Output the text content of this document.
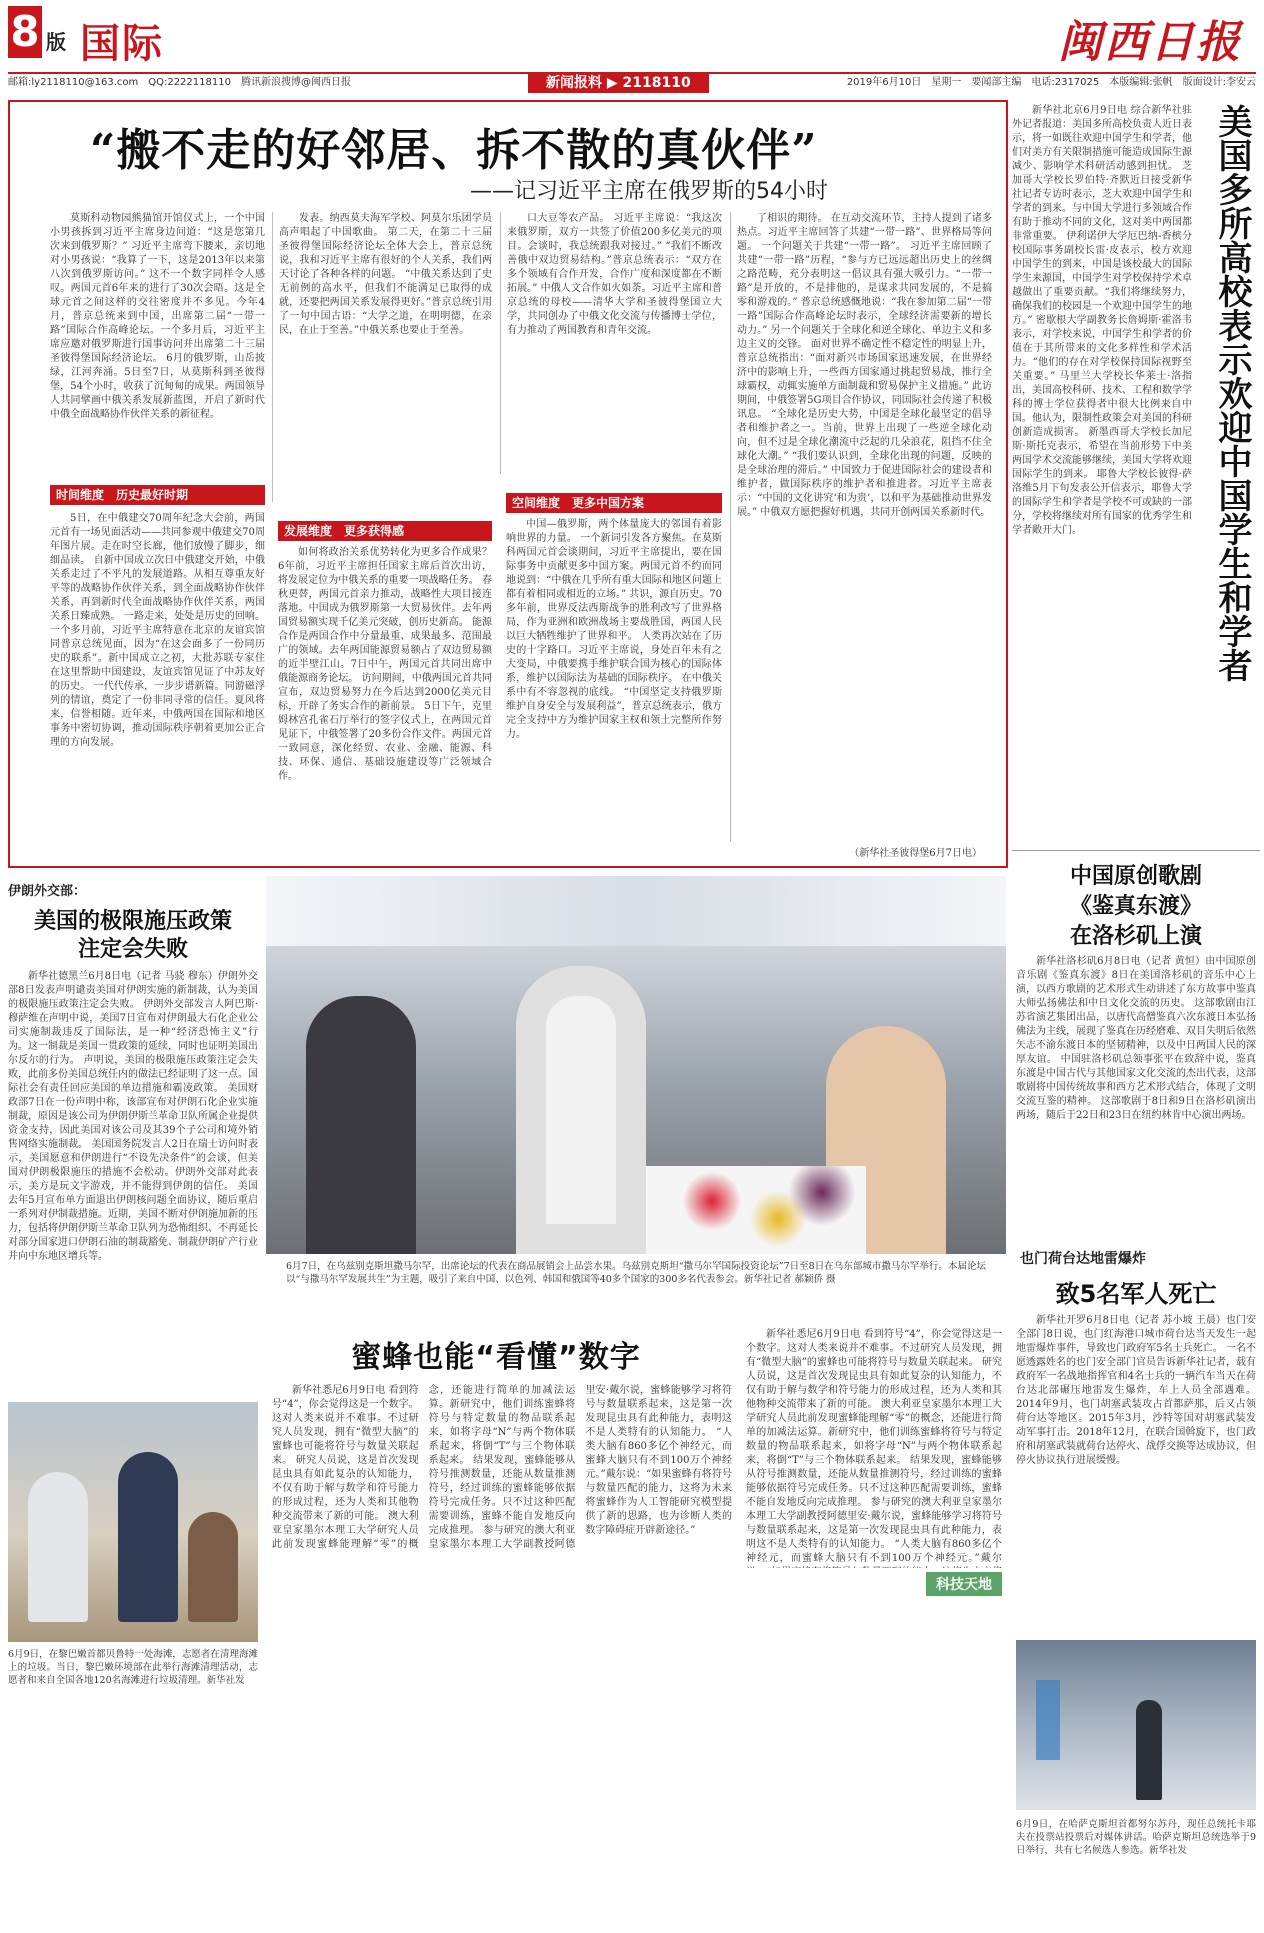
8 版 国际	闽西日报
邮箱:ly2118110@163.com　QQ:2222118110　腾讯新浪搜博@闽西日报	新闻报料 ▶ 2118110	2019年6月10日　星期一　要闻部主编　电话:2317025　本版编辑:张帆　版面设计:李安云
“搬不走的好邻居、拆不散的真伙伴”
——记习近平主席在俄罗斯的54小时

莫斯科动物园熊猫馆开馆仪式上，一个中国小男孩拆到习近平主席身边问道：“这是您第几次来到俄罗斯？” 习近平主席弯下腰来，亲切地对小男孩说：“我算了一下，这是2013年以来第八次到俄罗斯访问。” 这不一个数字同样令人感叹。两国元首6年来的进行了30次会晤。这是全球元首之间这样的交往密度并不多见。今年4月，普京总统来到中国，出席第二届“一带一路”国际合作高峰论坛。一个多月后，习近平主席应邀对俄罗斯进行国事访问并出席第二十三届圣彼得堡国际经济论坛。 6月的俄罗斯，山岳披绿，江河奔涌。5日至7日，从莫斯科到圣彼得堡，54个小时，收获了沉甸甸的成果。两国领导人共同擘画中俄关系发展新蓝图，开启了新时代中俄全面战略协作伙伴关系的新征程。

时间维度　历史最好时期

5日，在中俄建交70周年纪念大会前，两国元首有一场见面活动——共同参观中俄建交70周年图片展。走在时空长廊，他们放慢了脚步，细细品读。 自新中国成立次日中俄建交开始，中俄关系走过了不平凡的发展道路。从相互尊重友好平等的战略协作伙伴关系，到全面战略协作伙伴关系，再到新时代全面战略协作伙伴关系，两国关系日臻成熟。 一路走来，处处是历史的回响。 一个多月前，习近平主席特意在北京的友谊宾馆同普京总统见面，因为“在这会面多了一份同历史的联系”。新中国成立之初，大批苏联专家住在这里帮助中国建设，友谊宾馆见证了中苏友好的历史。 一代代传承，一步步谱新篇。同游磁浮列的情谊，奠定了一份非同寻常的信任。夏风将来，信誉相随。近年来，中俄两国在国际和地区事务中密切协调，推动国际秩序朝着更加公正合理的方向发展。

发表。纳西莫夫海军学校、阿莫尔乐团学员高声唱起了中国歌曲。 第二天，在第二十三届圣彼得堡国际经济论坛全体大会上，普京总统说，我和习近平主席有很好的个人关系，我们两天讨论了各种各样的问题。 “中俄关系达到了史无前例的高水平，但我们不能满足已取得的成就，还要把两国关系发展得更好。”普京总统引用了一句中国古语：“大学之道，在明明德，在亲民，在止于至善。”中俄关系也要止于至善。

发展维度　更多获得感

如何将政治关系优势转化为更多合作成果？6年前，习近平主席担任国家主席后首次出访，将发展定位为中俄关系的重要一项战略任务。 春秋更替，两国元首亲力推动，战略性大项目接连落地。中国成为俄罗斯第一大贸易伙伴。去年两国贸易额实现千亿美元突破，创历史新高。 能源合作是两国合作中分量最重、成果最多、范围最广的领域。去年两国能源贸易额占了双边贸易额的近半壁江山。7日中午，两国元首共同出席中俄能源商务论坛。 访问期间，中俄两国元首共同宣布，双边贸易努力在今后达到2000亿美元目标，开辟了务实合作的新前景。 5日下午，克里姆林宫孔雀石厅举行的签字仪式上，在两国元首见证下，中俄签署了20多份合作文件。两国元首一致同意，深化经贸、农业、金融、能源、科技、环保、通信、基础设施建设等广泛领域合作。

口大豆等农产品。 习近平主席说：“我这次来俄罗斯，双方一共签了价值200多亿美元的项目。会谈时，我总统跟我对接过。” “我们不断改善俄中双边贸易结构。”普京总统表示：“双方在多个领域有合作开发，合作广度和深度都在不断拓展。” 中俄人文合作如火如荼。习近平主席和普京总统的母校——清华大学和圣彼得堡国立大学，共同创办了中俄文化交流与传播博士学位，有力推动了两国教育和青年交流。

空间维度　更多中国方案

中国—俄罗斯，两个体量庞大的邻国有着影响世界的力量。 一个新词引发各方聚焦。在莫斯科两国元首会谈期间，习近平主席提出，要在国际事务中贡献更多中国方案。两国元首不约而同地说到：“中俄在几乎所有重大国际和地区问题上都有着相同或相近的立场。” 共识，源自历史。70多年前，世界反法西斯战争的胜利改写了世界格局，作为亚洲和欧洲战场主要战胜国，两国人民以巨大牺牲维护了世界和平。 人类再次站在了历史的十字路口。习近平主席说，身处百年未有之大变局，中俄要携手维护联合国为核心的国际体系，维护以国际法为基础的国际秩序。 在中俄关系中有不容忽视的底线。 “中国坚定支持俄罗斯维护自身安全与发展利益”，普京总统表示，俄方完全支持中方为维护国家主权和领土完整所作努力。

了相识的期待。 在互动交流环节，主持人提到了诸多热点。习近平主席回答了共建“一带一路”、世界格局等问题。 一个问题关于共建“一带一路”。 习近平主席回顾了共建“一带一路”历程，“参与方已远远超出历史上的丝绸之路范畴，充分表明这一倡议具有强大吸引力。“一带一路”是开放的，不是排他的，是谋求共同发展的，不是搞零和游戏的。” 普京总统感慨地说：“我在参加第二届“一带一路”国际合作高峰论坛时表示，全球经济需要新的增长动力。” 另一个问题关于全球化和逆全球化、单边主义和多边主义的交锋。 面对世界不确定性不稳定性的明显上升，普京总统指出：“面对新兴市场国家迅速发展，在世界经济中的影响上升，一些西方国家通过挑起贸易战，推行全球霸权，动辄实施单方面制裁和贸易保护主义措施。” 此访期间，中俄签署5G项目合作协议，同国际社会传递了积极讯息。 “全球化是历史大势，中国是全球化最坚定的倡导者和维护者之一。当前，世界上出现了一些逆全球化动向，但不过是全球化潮流中泛起的几朵浪花，阻挡不住全球化大潮。” “我们要认识到，全球化出现的问题，反映的是全球治理的滞后。” 中国致力于促进国际社会的建设者和维护者，做国际秩序的维护者和推进者。习近平主席表示：“中国的文化讲究‘和为贵’，以和平为基础推动世界发展。” 中俄双方愿把握好机遇，共同开创两国关系新时代。

（新华社圣彼得堡6月7日电）

新华社北京6月9日电 综合新华社驻外记者报道：美国多所高校负责人近日表示，将一如既往欢迎中国学生和学者，他们对美方有关限制措施可能造成国际生源减少、影响学术科研活动感到担忧。 芝加哥大学校长罗伯特·齐默近日接受新华社记者专访时表示，芝大欢迎中国学生和学者的到来。与中国大学进行多领域合作有助于推动不同的文化，这对美中两国都非常重要。 伊利诺伊大学厄巴纳-香槟分校国际事务副校长雷·皮表示，校方欢迎中国学生的到来，中国是该校最大的国际学生来源国，中国学生对学校保持学术卓越做出了重要贡献。“我们将继续努力，确保我们的校园是一个欢迎中国学生的地方。” 密歇根大学副教务长詹姆斯·霍洛韦表示，对学校来说，中国学生和学者的价值在于其所带来的文化多样性和学术活力。“他们的存在对学校保持国际视野至关重要。” 马里兰大学校长华莱士·洛指出，美国高校科研、技术、工程和数学学科的博士学位获得者中很大比例来自中国。他认为，限制性政策会对美国的科研创新造成损害。 新墨西哥大学校长加尼斯·斯托克表示，希望在当前形势下中美两国学术交流能够继续，美国大学将欢迎国际学生的到来。 耶鲁大学校长彼得·萨洛维5月下旬发表公开信表示，耶鲁大学的国际学生和学者是学校不可或缺的一部分，学校将继续对所有国家的优秀学生和学者敞开大门。	美国多所高校表示欢迎中国学生和学者
中国原创歌剧
《鉴真东渡》
在洛杉矶上演

新华社洛杉矶6月8日电（记者 黄恒）由中国原创音乐剧《鉴真东渡》8日在美国洛杉矶的音乐中心上演，以西方歌剧的艺术形式生动讲述了东方故事中鉴真大师弘扬佛法和中日文化交流的历史。 这部歌剧由江苏省演艺集团出品，以唐代高僧鉴真六次东渡日本弘扬佛法为主线，展现了鉴真在历经磨难、双目失明后依然矢志不渝东渡日本的坚韧精神，以及中日两国人民的深厚友谊。 中国驻洛杉矶总领事张平在致辞中说，鉴真东渡是中国古代与其他国家文化交流的杰出代表，这部歌剧将中国传统故事和西方艺术形式结合，体现了文明交流互鉴的精神。 这部歌剧于8日和9日在洛杉矶演出两场，随后于22日和23日在纽约林肯中心演出两场。

也门荷台达地雷爆炸
致5名军人死亡

新华社开罗6月8日电（记者 苏小坡 王晨）也门安全部门8日说，也门红海港口城市荷台达当天发生一起地雷爆炸事件，导致也门政府军5名士兵死亡。 一名不愿透露姓名的也门安全部门官员告诉新华社记者，载有政府军一名战地指挥官和4名士兵的一辆汽车当天在荷台达北部碾压地雷发生爆炸，车上人员全部遇难。 2014年9月，也门胡塞武装攻占首都萨那，后又占领荷台达等地区。2015年3月，沙特等国对胡塞武装发动军事打击。2018年12月，在联合国斡旋下，也门政府和胡塞武装就荷台达停火、战俘交换等达成协议，但停火协议执行进展缓慢。

6月9日，在哈萨克斯坦首都努尔苏丹，现任总统托卡耶夫在投票站投票后对媒体讲话。哈萨克斯坦总统选举于9日举行，共有七名候选人参选。新华社发
伊朗外交部：
美国的极限施压政策
注定会失败

新华社德黑兰6月8日电（记者 马骁 穆东）伊朗外交部8日发表声明谴责美国对伊朗实施的新制裁，认为美国的极限施压政策注定会失败。 伊朗外交部发言人阿巴斯·穆萨维在声明中说，美国7日宣布对伊朗最大石化企业公司实施制裁违反了国际法，是一种“经济恐怖主义”行为。这一制裁是美国一贯政策的延续，同时也证明美国出尔反尔的行为。 声明说，美国的极限施压政策注定会失败，此前多份美国总统任内的做法已经证明了这一点。国际社会有责任回应美国的单边措施和霸凌政策。 美国财政部7日在一份声明中称，该部宣布对伊朗石化企业实施制裁，原因是该公司为伊朗伊斯兰革命卫队所属企业提供资金支持，因此美国对该公司及其39个子公司和境外销售网络实施制裁。 美国国务院发言人2日在瑞士访问时表示，美国愿意和伊朗进行“不设先决条件”的会谈，但美国对伊朗极限施压的措施不会松动。伊朗外交部对此表示，美方是玩文字游戏，并不能得到伊朗的信任。 美国去年5月宣布单方面退出伊朗核问题全面协议，随后重启一系列对伊制裁措施。近期，美国不断对伊朗施加新的压力，包括将伊朗伊斯兰革命卫队列为恐怖组织、不再延长对部分国家进口伊朗石油的制裁豁免、制裁伊朗矿产行业并向中东地区增兵等。

6月7日，在乌兹别克斯坦撒马尔罕，出席论坛的代表在商品展销会上品尝水果。乌兹别克斯坦“撒马尔罕国际投资论坛”7日至8日在乌东部城市撒马尔罕举行。本届论坛以“与撒马尔罕发展共生”为主题，吸引了来自中国、以色列、韩国和俄国等40多个国家的300多名代表参会。新华社记者 郝颖侨 摄
6月9日，在黎巴嫩首都贝鲁特一处海滩，志愿者在清理海滩上的垃圾。当日，黎巴嫩环境部在此举行海滩清理活动，志愿者和来自全国各地120名海滩进行垃圾清理。新华社发
蜜蜂也能“看懂”数字

新华社悉尼6月9日电 看到符号“4”，你会觉得这是一个数字。这对人类来说并不难事。不过研究人员发现，拥有“微型大脑”的蜜蜂也可能将符号与数量关联起来。 研究人员说，这是首次发现昆虫具有如此复杂的认知能力，不仅有助于解与数学和符号能力的形成过程，还为人类和其他物种交流带来了新的可能。 澳大利亚皇家墨尔本理工大学研究人员此前发现蜜蜂能理解“零”的概念，还能进行简单的加减法运算。新研究中，他们训练蜜蜂将符号与特定数量的物品联系起来，如将字母“N”与两个物体联系起来，将倒“T”与三个物体联系起来。 结果发现，蜜蜂能够从符号推测数量，还能从数量推测符号，经过训练的蜜蜂能够依据符号完成任务。只不过这种匹配需要训练，蜜蜂不能自发地反向完成推理。 参与研究的澳大利亚皇家墨尔本理工大学副教授阿德里安·戴尔说，蜜蜂能够学习将符号与数量联系起来，这是第一次发现昆虫具有此种能力，表明这不是人类特有的认知能力。 “人类大脑有860多亿个神经元，而蜜蜂大脑只有不到100万个神经元。”戴尔说：“如果蜜蜂有将符号与数量匹配的能力，这将为未来将蜜蜂作为人工智能研究模型提供了新的思路，也为诊断人类的数字障碍症开辟新途径。”

新华社悉尼6月9日电 看到符号“4”，你会觉得这是一个数字。这对人类来说并不难事。不过研究人员发现，拥有“微型大脑”的蜜蜂也可能将符号与数量关联起来。 研究人员说，这是首次发现昆虫具有如此复杂的认知能力，不仅有助于解与数学和符号能力的形成过程，还为人类和其他物种交流带来了新的可能。 澳大利亚皇家墨尔本理工大学研究人员此前发现蜜蜂能理解“零”的概念，还能进行简单的加减法运算。新研究中，他们训练蜜蜂将符号与特定数量的物品联系起来，如将字母“N”与两个物体联系起来，将倒“T”与三个物体联系起来。 结果发现，蜜蜂能够从符号推测数量，还能从数量推测符号，经过训练的蜜蜂能够依据符号完成任务。只不过这种匹配需要训练，蜜蜂不能自发地反向完成推理。 参与研究的澳大利亚皇家墨尔本理工大学副教授阿德里安·戴尔说，蜜蜂能够学习将符号与数量联系起来，这是第一次发现昆虫具有此种能力，表明这不是人类特有的认知能力。 “人类大脑有860多亿个神经元，而蜜蜂大脑只有不到100万个神经元。”戴尔

科技天地
